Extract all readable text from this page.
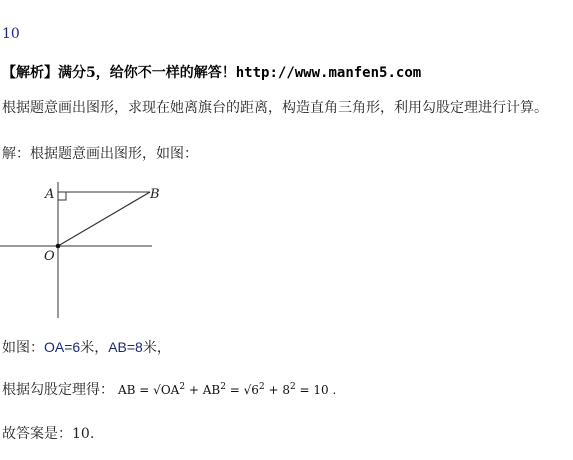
10
【解析】满分5，给你不一样的解答！http://www.manfen5.com
根据题意画出图形，求现在她离旗台的距离，构造直角三角形，利用勾股定理进行计算。
解：根据题意画出图形，如图：
A	B
O
如图：OA=6米，AB=8米，
根据勾股定理得： AB = $√OA^2 + AB^2 = √6^2 + 8^2 = 10$ .
故答案是：10.
